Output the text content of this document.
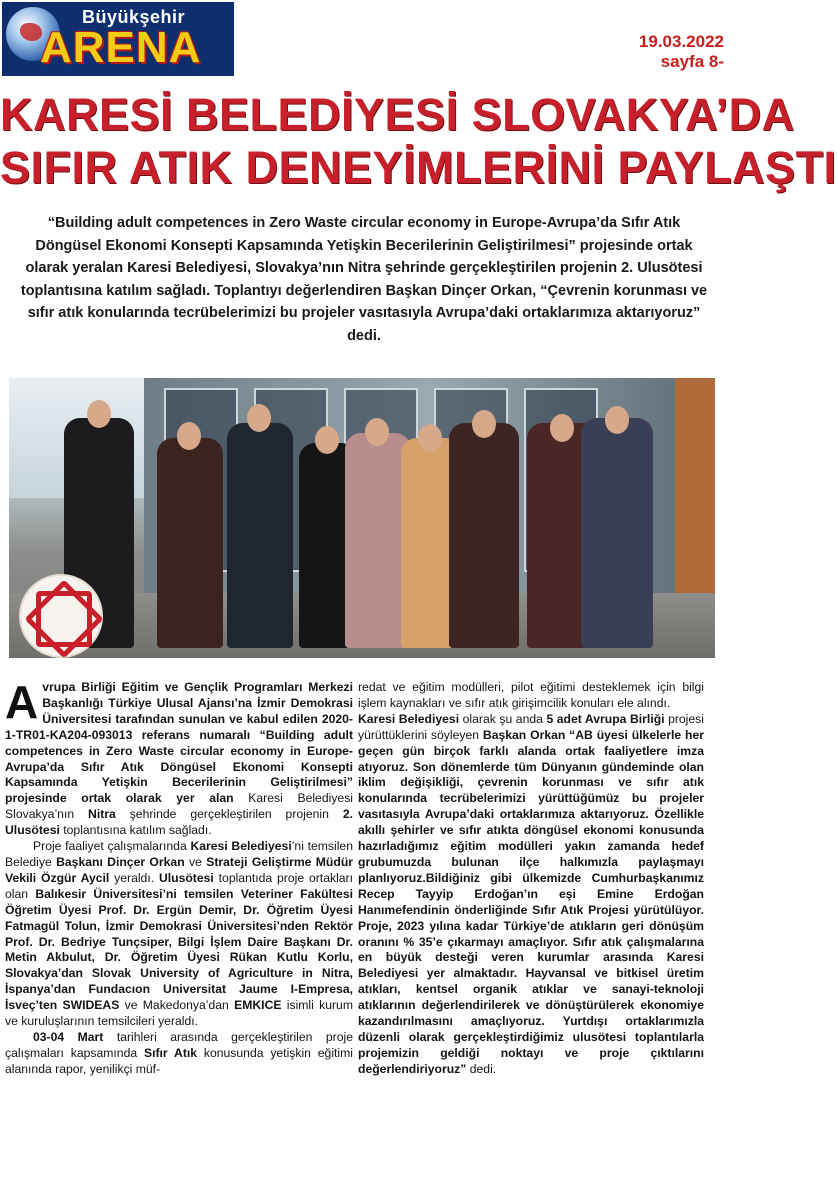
Büyükşehir
ARENA	19.03.2022
sayfa 8-
KARESİ BELEDİYESİ SLOVAKYA’DA
SIFIR ATIK DENEYİMLERİNİ PAYLAŞTI
“Building adult competences in Zero Waste circular economy in Europe-Avrupa’da Sıfır Atık Döngüsel Ekonomi Konsepti Kapsamında Yetişkin Becerilerinin Geliştirilmesi” projesinde ortak olarak yeralan Karesi Belediyesi, Slovakya’nın Nitra şehrinde gerçekleştirilen projenin 2. Ulusötesi toplantısına katılım sağladı. Toplantıyı değerlendiren Başkan Dinçer Orkan, “Çevrenin korunması ve sıfır atık konularında tecrübelerimizi bu projeler vasıtasıyla Avrupa’daki ortaklarımıza aktarıyoruz” dedi.

Avrupa Birliği Eğitim ve Gençlik Programları Merkezi Başkanlığı Türkiye Ulusal Ajansı’na İzmir Demokrasi Üniversitesi tarafından sunulan ve kabul edilen 2020-1-TR01-KA204-093013 referans numaralı “Building adult competences in Zero Waste circular economy in Europe-Avrupa’da Sıfır Atık Döngüsel Ekonomi Konsepti Kapsamında Yetişkin Becerilerinin Geliştirilmesi” projesinde ortak olarak yer alan Karesi Belediyesi Slovakya’nın Nitra şehrinde gerçekleştirilen projenin 2. Ulusötesi toplantısına katılım sağladı.

Proje faaliyet çalışmalarında Karesi Belediyesi’ni temsilen Belediye Başkanı Dinçer Orkan ve Strateji Geliştirme Müdür Vekili Özgür Aycil yeraldı. Ulusötesi toplantıda proje ortakları olan Balıkesir Üniversitesi’ni temsilen Veteriner Fakültesi Öğretim Üyesi Prof. Dr. Ergün Demir, Dr. Öğretim Üyesi Fatmagül Tolun, İzmir Demokrasi Üniversitesi’nden Rektör Prof. Dr. Bedriye Tunçsiper, Bilgi İşlem Daire Başkanı Dr. Metin Akbulut, Dr. Öğretim Üyesi Rükan Kutlu Korlu, Slovakya’dan Slovak University of Agriculture in Nitra, İspanya’dan Fundacıon Universitat Jaume I-Empresa, İsveç’ten SWIDEAS ve Makedonya’dan EMKICE isimli kurum ve kuruluşlarının temsilcileri yeraldı.

03-04 Mart tarihleri arasında gerçekleştirilen proje çalışmaları kapsamında Sıfır Atık konusunda yetişkin eğitimi alanında rapor, yenilikçi müf-

redat ve eğitim modülleri, pilot eğitimi desteklemek için bilgi işlem kaynakları ve sıfır atık girişimcilik konuları ele alındı.

Karesi Belediyesi olarak şu anda 5 adet Avrupa Birliği projesi yürüttüklerini söyleyen Başkan Orkan “AB üyesi ülkelerle her geçen gün birçok farklı alanda ortak faaliyetlere imza atıyoruz. Son dönemlerde tüm Dünyanın gündeminde olan iklim değişikliği, çevrenin korunması ve sıfır atık konularında tecrübelerimizi yürüttüğümüz bu projeler vasıtasıyla Avrupa’daki ortaklarımıza aktarıyoruz. Özellikle akıllı şehirler ve sıfır atıkta döngüsel ekonomi konusunda hazırladığımız eğitim modülleri yakın zamanda hedef grubumuzda bulunan ilçe halkımızla paylaşmayı planlıyoruz.Bildiğiniz gibi ülkemizde Cumhurbaşkanımız Recep Tayyip Erdoğan’ın eşi Emine Erdoğan Hanımefendinin önderliğinde Sıfır Atık Projesi yürütülüyor. Proje, 2023 yılına kadar Türkiye’de atıkların geri dönüşüm oranını % 35’e çıkarmayı amaçlıyor. Sıfır atık çalışmalarına en büyük desteği veren kurumlar arasında Karesi Belediyesi yer almaktadır. Hayvansal ve bitkisel üretim atıkları, kentsel organik atıklar ve sanayi-teknoloji atıklarının değerlendirilerek ve dönüştürülerek ekonomiye kazandırılmasını amaçlıyoruz. Yurtdışı ortaklarımızla düzenli olarak gerçekleştirdiğimiz ulusötesi toplantılarla projemizin geldiği noktayı ve proje çıktılarını değerlendiriyoruz” dedi.
